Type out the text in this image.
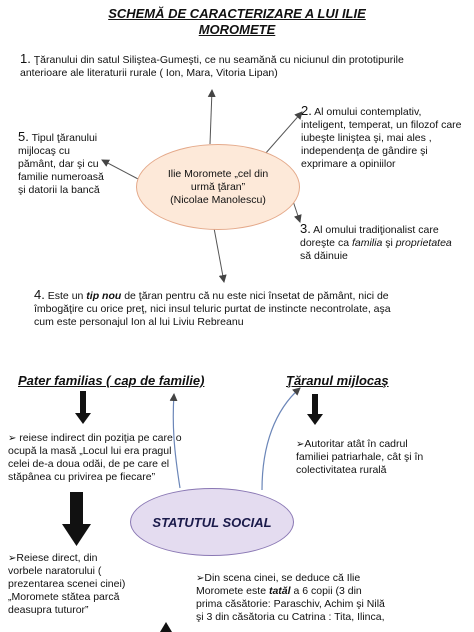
SCHEMĂ DE CARACTERIZARE A LUI ILIE
MOROMETE
1. Ţăranului din satul Siliştea-Gumeşti, ce nu seamănă cu niciunul din prototipurile
anterioare ale literaturii rurale ( Ion, Mara, Vitoria Lipan)
2. Al omului contemplativ,
inteligent, temperat, un filozof care
iubeşte liniştea şi, mai ales ,
independenţa de gândire şi
exprimare a opiniilor
5. Tipul ţăranului
mijlocaş cu
pământ, dar şi cu
familie numeroasă
şi datorii la bancă
Ilie Moromete „cel din
urmă ţăran”
(Nicolae Manolescu)
3. Al omului tradiţionalist care
doreşte ca familia şi proprietatea
să dăinuie
4. Este un tip nou de ţăran pentru că nu este nici însetat de pământ, nici de
îmbogăţire cu orice preţ, nici insul teluric purtat de instincte necontrolate, aşa
cum este personajul Ion al lui Liviu Rebreanu
Pater familias ( cap de familie)	Ţăranul mijlocaş
➢ reiese indirect din poziţia pe care o
ocupă la masă „Locul lui era pragul
celei de-a doua odăi, de pe care el
stăpânea cu privirea pe fiecare”
➢Autoritar atât în cadrul
familiei patriarhale, cât şi în
colectivitatea rurală
STATUTUL SOCIAL
➢Reiese direct, din
vorbele naratorului (
prezentarea scenei cinei)
„Moromete stătea parcă
deasupra tuturor”
➢Din scena cinei, se deduce că Ilie
Moromete este tatăl a 6 copii (3 din
prima căsătorie: Paraschiv, Achim şi Nilă
şi 3 din căsătoria cu Catrina : Tita, Ilinca,
